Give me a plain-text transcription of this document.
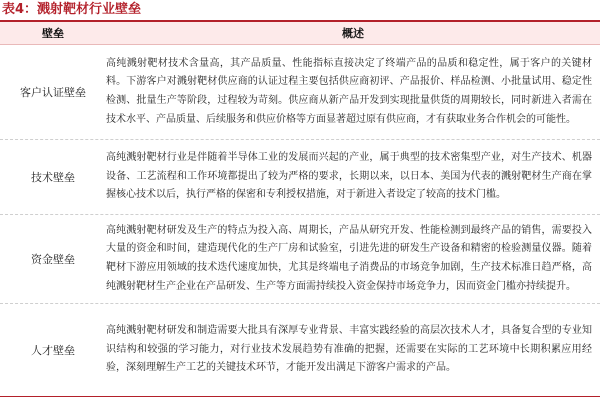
表4：溅射靶材行业壁垒
壁垒	概述
客户认证壁垒
高纯溅射靶材技术含量高，其产品质量、性能指标直接决定了终端产品的品质和稳定性，属于客户的关键材料。下游客户对溅射靶材供应商的认证过程主要包括供应商初评、产品报价、样品检测、小批量试用、稳定性检测、批量生产等阶段，过程较为苛刻。供应商从新产品开发到实现批量供货的周期较长，同时新进入者需在技术水平、产品质量、后续服务和供应价格等方面显著超过原有供应商，才有获取业务合作机会的可能性。
技术壁垒
高纯溅射靶材行业是伴随着半导体工业的发展而兴起的产业，属于典型的技术密集型产业，对生产技术、机器设备、工艺流程和工作环境都提出了较为严格的要求，长期以来，以日本、美国为代表的溅射靶材生产商在掌握核心技术以后，执行严格的保密和专利授权措施，对于新进入者设定了较高的技术门槛。
资金壁垒
高纯溅射靶材研发及生产的特点为投入高、周期长，产品从研究开发、性能检测到最终产品的销售，需要投入大量的资金和时间，建造现代化的生产厂房和试验室，引进先进的研发生产设备和精密的检验测量仪器。随着靶材下游应用领域的技术迭代速度加快，尤其是终端电子消费品的市场竞争加剧，生产技术标准日趋严格，高纯溅射靶材生产企业在产品研发、生产等方面需持续投入资金保持市场竞争力，因而资金门槛亦持续提升。
人才壁垒
高纯溅射靶材研发和制造需要大批具有深厚专业背景、丰富实践经验的高层次技术人才，具备复合型的专业知识结构和较强的学习能力，对行业技术发展趋势有准确的把握，还需要在实际的工艺环境中长期积累应用经验，深刻理解生产工艺的关键技术环节，才能开发出满足下游客户需求的产品。
